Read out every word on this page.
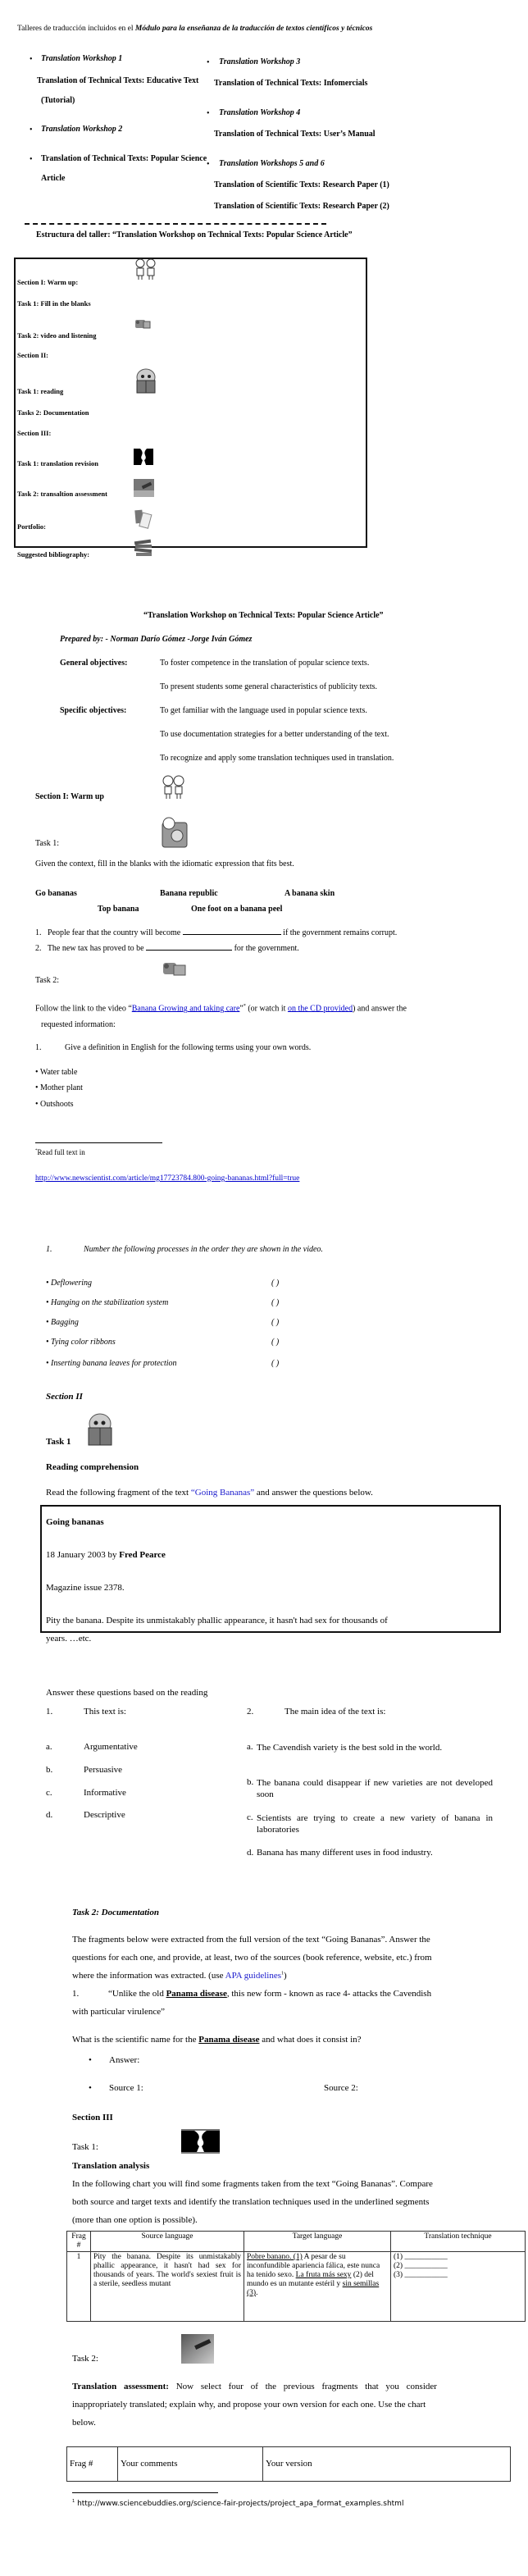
Talleres de traducción incluidos en el Módulo para la enseñanza de la traducción de textos científicos y técnicos
• Translation Workshop 1
Translation of Technical Texts: Educative Text
(Tutorial)
• Translation Workshop 2
• Translation of Technical Texts: Popular Science
Article
• Translation Workshop 3
Translation of Technical Texts: Infomercials
• Translation Workshop 4
Translation of Technical Texts: User’s Manual
• Translation Workshops 5 and 6
Translation of Scientific Texts: Research Paper (1)
Translation of Scientific Texts: Research Paper (2)
Estructura del taller: “Translation Workshop on Technical Texts: Popular Science Article”
Section I: Warm up:
Task 1: Fill in the blanks
Task 2: video and listening
Section II:
Task 1: reading
Tasks 2: Documentation
Section III:
Task 1: translation revision
Task 2: transaltion assessment
Portfolio:
Suggested bibliography:
“Translation Workshop on Technical Texts: Popular Science Article”
Prepared by: - Norman Darío Gómez -Jorge Iván Gómez
General objectives:	To foster competence in the translation of popular science texts.
To present students some general characteristics of publicity texts.
Specific objectives:	To get familiar with the language used in popular science texts.
To use documentation strategies for a better understanding of the text.
To recognize and apply some translation techniques used in translation.
Section I: Warm up
Task 1:
Given the context, fill in the blanks with the idiomatic expression that fits best.
Go bananas	Banana republic	A banana skin
Top banana	One foot on a banana peel
1. People fear that the country will become	if the government remains corrupt.
2. The new tax has proved to be	for the government.
Task 2:
Follow the link to the video “Banana Growing and taking care”* (or watch it on the CD provided) and answer the
requested information:
1.	Give a definition in English for the following terms using your own words.
• Water table
• Mother plant
• Outshoots
*Read full text in
http://www.newscientist.com/article/mg17723784.800-going-bananas.html?full=true
1.	Number the following processes in the order they are shown in the video.
• Deflowering
• Hanging on the stabilization system
• Bagging
• Tying color ribbons
• Inserting banana leaves for protection
( )
( )
( )
( )
( )
Section II
Task 1
Reading comprehension
Read the following fragment of the text “Going Bananas” and answer the questions below.
Going bananas
18 January 2003 by Fred Pearce
Magazine issue 2378.
Pity the banana. Despite its unmistakably phallic appearance, it hasn't had sex for thousands of
years. …etc.
Answer these questions based on the reading
1.	This text is:	2.	The main idea of the text is:
a.	Argumentative
b.	Persuasive
c.	Informative
d.	Descriptive
a. The Cavendish variety is the best sold in the world.
b. The banana could disappear if new varieties are not developed soon
c. Scientists are trying to create a new variety of banana in laboratories
d. Banana has many different uses in food industry.
Task 2: Documentation
The fragments below were extracted from the full version of the text “Going Bananas”. Answer the
questions for each one, and provide, at least, two of the sources (book reference, website, etc.) from
where the information was extracted. (use APA guidelines$^1$)
1.	“Unlike the old Panama disease, this new form - known as race 4- attacks the Cavendish
with particular virulence”
What is the scientific name for the Panama disease and what does it consist in?
• Answer:
• Source 1:	Source 2:
Section III
Task 1:
Translation analysis
In the following chart you will find some fragments taken from the text “Going Bananas”. Compare
both source and target texts and identify the translation techniques used in the underlined segments
(more than one option is possible).
Frag #	Source language	Target language	Translation technique
1	Pity the banana. Despite its unmistakably phallic appearance, it hasn't had sex for thousands of years. The world's sexiest fruit is a sterile, seedless mutant	Pobre banano. (1) A pesar de su inconfundible apariencia fálica, este nunca ha tenido sexo. La fruta más sexy (2) del mundo es un mutante estéril y sin semillas (3).	(1) ___________
(2) ___________
(3) ___________
Task 2:
Translation assessment: Now select four of the previous fragments that you consider
inappropriately translated; explain why, and propose your own version for each one. Use the chart
below.
Frag #	Your comments	Your version
$^1$ http://www.sciencebuddies.org/science-fair-projects/project_apa_format_examples.shtml
